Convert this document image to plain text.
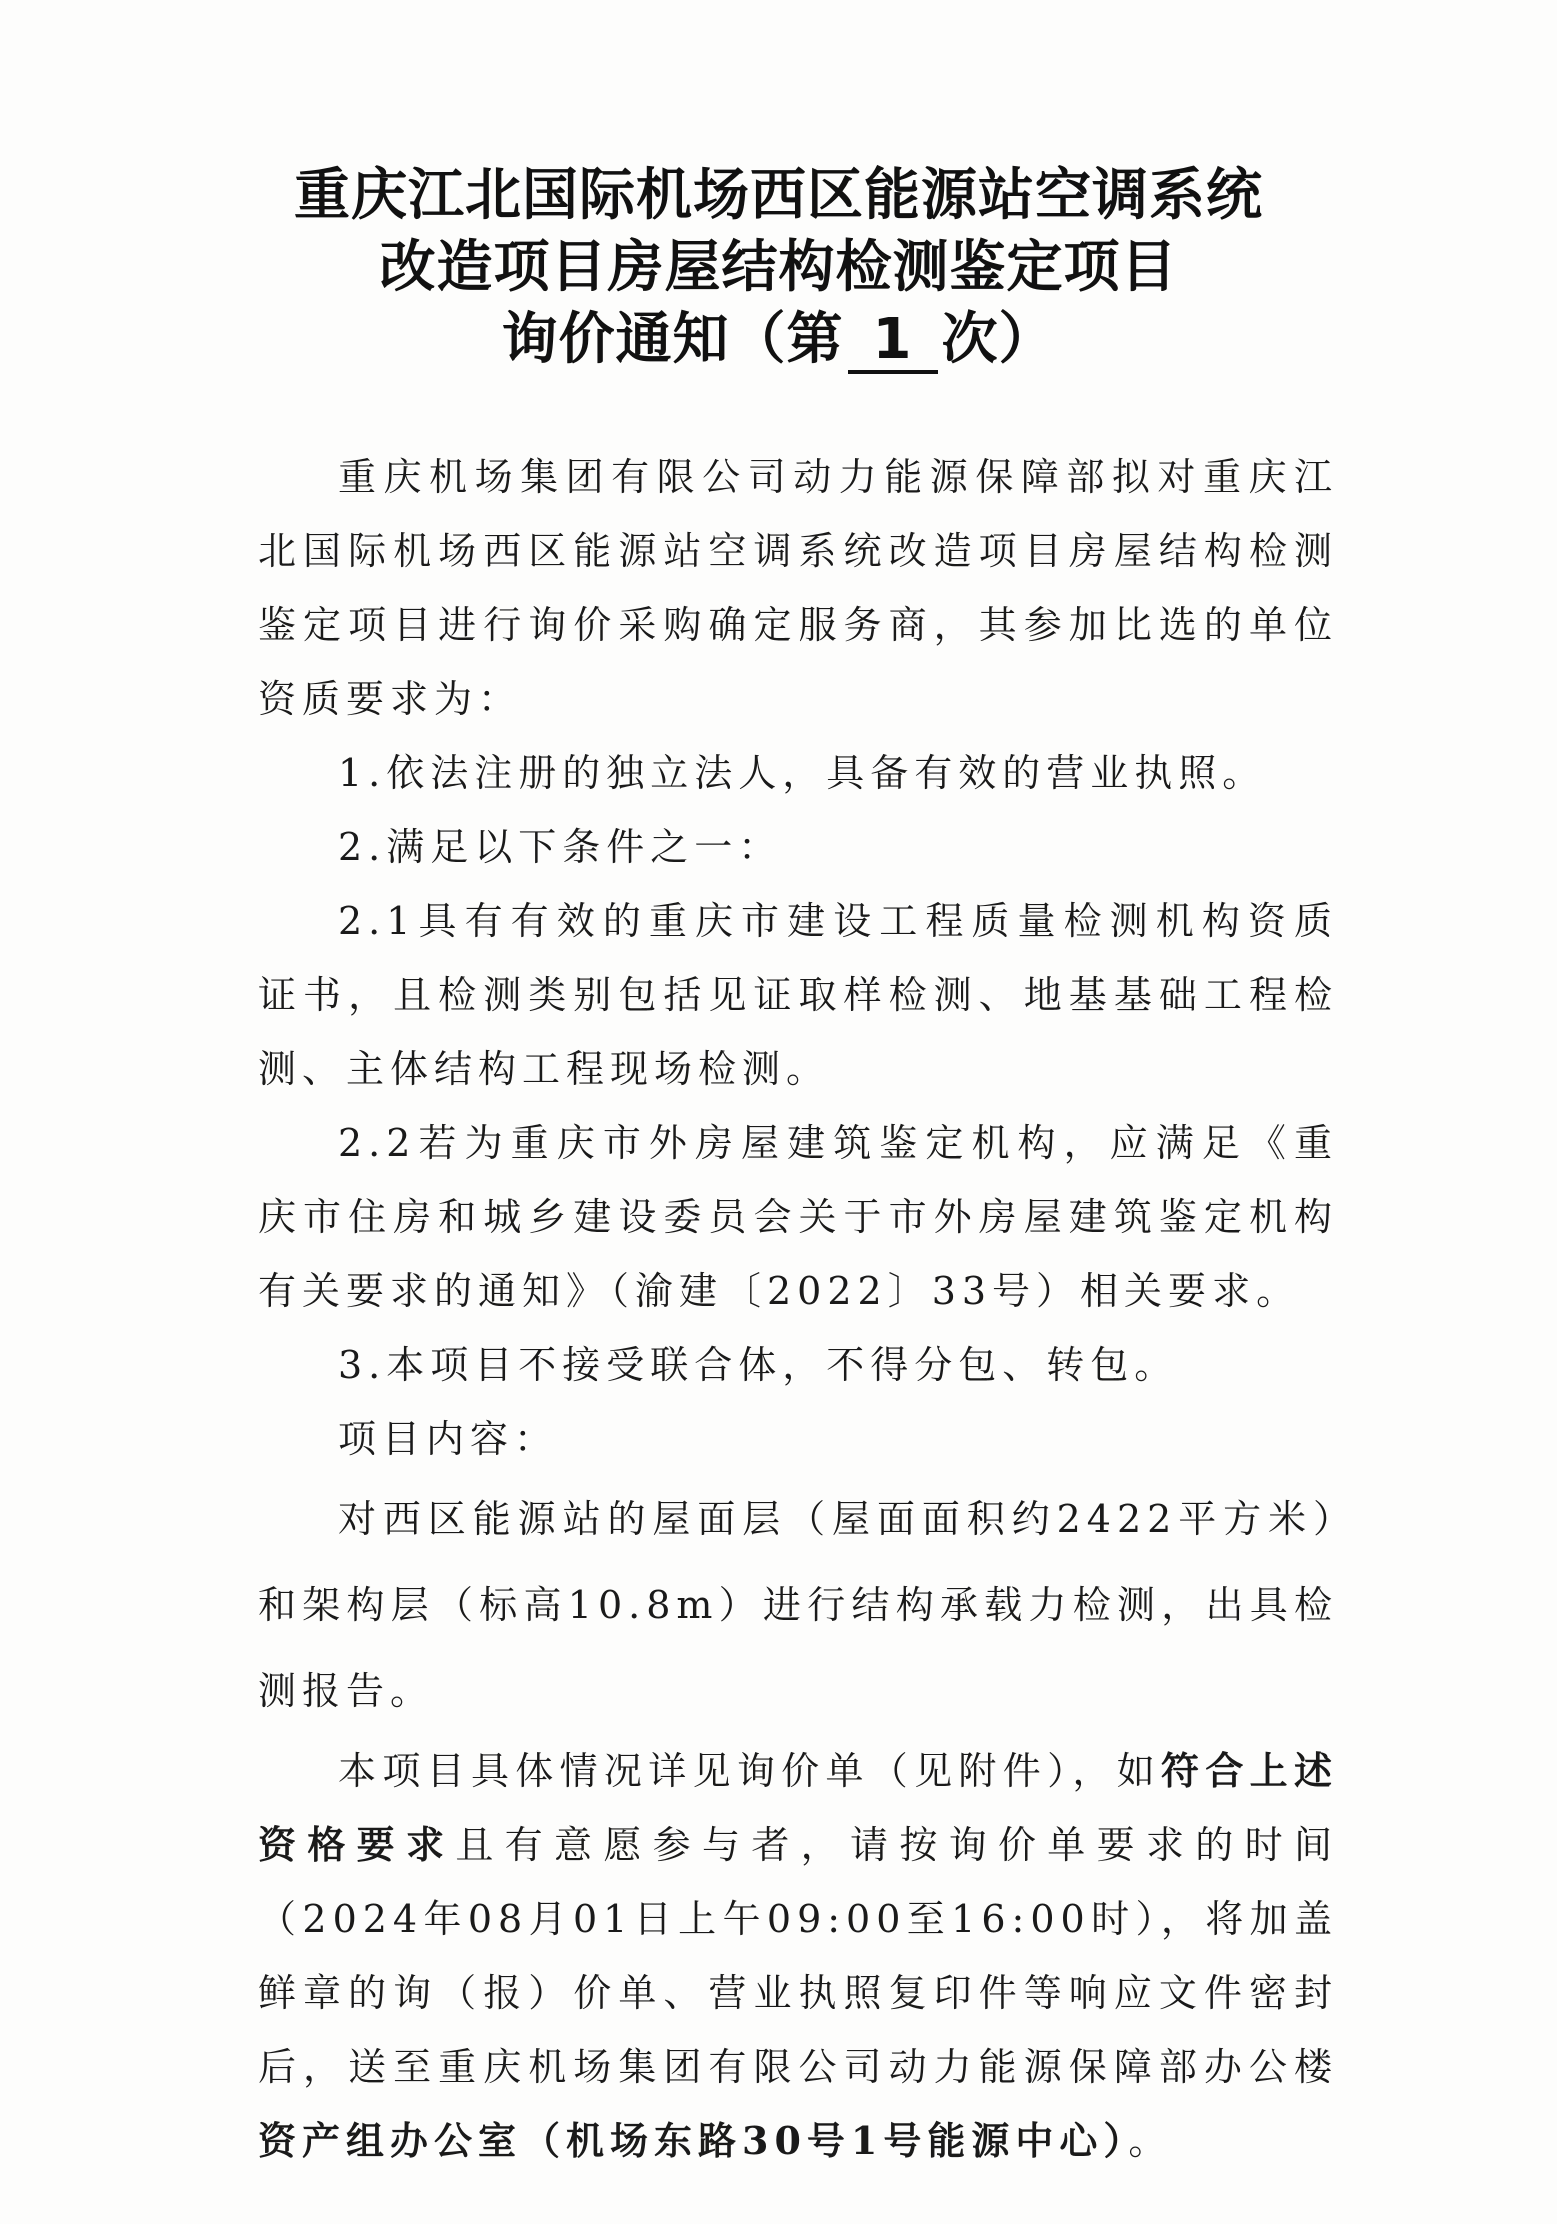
重庆江北国际机场西区能源站空调系统
改造项目房屋结构检测鉴定项目
询价通知（第 1 次）

重庆机场集团有限公司动力能源保障部拟对重庆江北国际机场西区能源站空调系统改造项目房屋结构检测鉴定项目进行询价采购确定服务商，其参加比选的单位资质要求为：

1.依法注册的独立法人，具备有效的营业执照。

2.满足以下条件之一：

2.1具有有效的重庆市建设工程质量检测机构资质证书，且检测类别包括见证取样检测、地基基础工程检测、主体结构工程现场检测。

2.2若为重庆市外房屋建筑鉴定机构，应满足《重庆市住房和城乡建设委员会关于市外房屋建筑鉴定机构有关要求的通知》（渝建〔2022〕33号）相关要求。

3.本项目不接受联合体，不得分包、转包。

项目内容：

对西区能源站的屋面层（屋面面积约2422平方米）和架构层（标高10.8m）进行结构承载力检测，出具检测报告。

本项目具体情况详见询价单（见附件），如符合上述资格要求且有意愿参与者，请按询价单要求的时间（2024年08月01日上午09:00至16:00时），将加盖鲜章的询（报）价单、营业执照复印件等响应文件密封后，送至重庆机场集团有限公司动力能源保障部办公楼资产组办公室（机场东路30号1号能源中心）。
